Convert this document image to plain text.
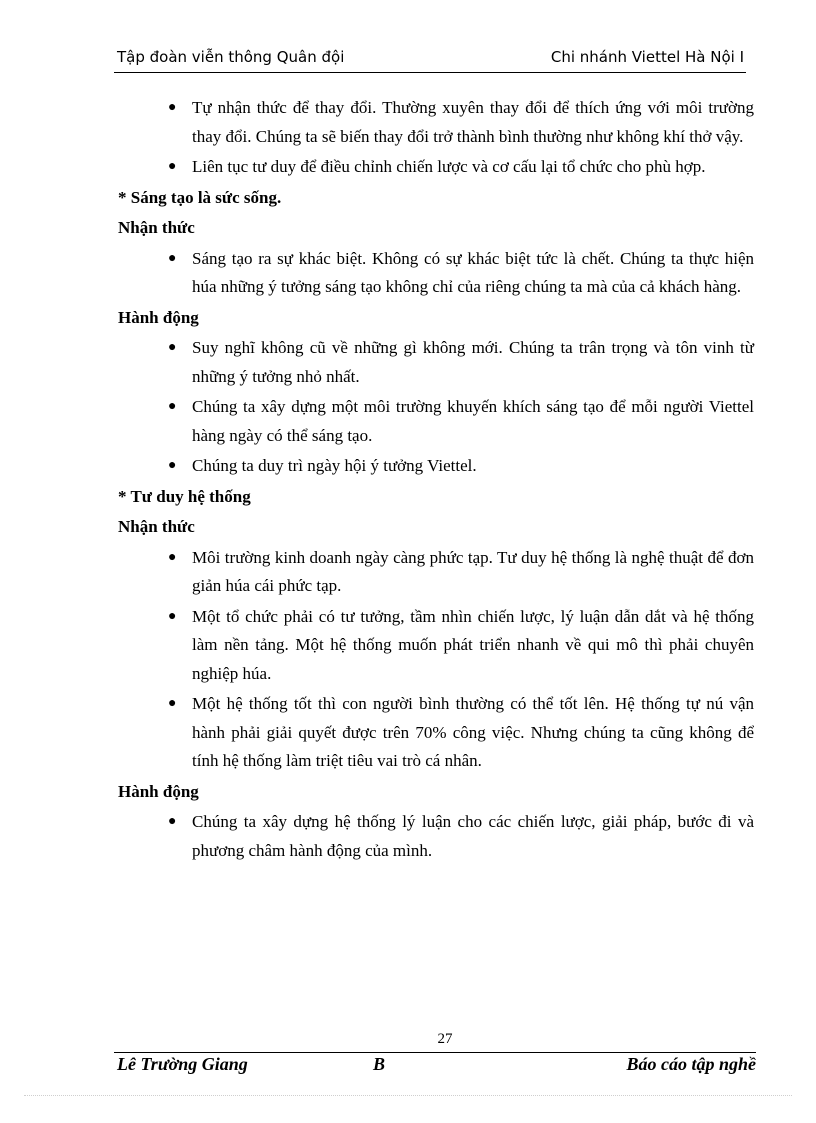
Tập đoàn viễn thông Quân đội	Chi nhánh Viettel Hà Nội I
● Tự nhận thức để thay đổi. Thường xuyên thay đổi để thích ứng với môi trường thay đổi. Chúng ta sẽ biến thay đổi trở thành bình thường như không khí thở vậy.
● Liên tục tư duy để điều chỉnh chiến lược và cơ cấu lại tổ chức cho phù hợp.
* Sáng tạo là sức sống.
Nhận thức
● Sáng tạo ra sự khác biệt. Không có sự khác biệt tức là chết. Chúng ta thực hiện húa những ý tưởng sáng tạo không chỉ của riêng chúng ta mà của cả khách hàng.
Hành động
● Suy nghĩ không cũ về những gì không mới. Chúng ta trân trọng và tôn vinh từ những ý tưởng nhỏ nhất.
● Chúng ta xây dựng một môi trường khuyến khích sáng tạo để mỗi người Viettel hàng ngày có thể sáng tạo.
● Chúng ta duy trì ngày hội ý tưởng Viettel.
* Tư duy hệ thống
Nhận thức
● Môi trường kinh doanh ngày càng phức tạp. Tư duy hệ thống là nghệ thuật để đơn giản húa cái phức tạp.
● Một tổ chức phải có tư tưởng, tầm nhìn chiến lược, lý luận dẫn dắt và hệ thống làm nền tảng. Một hệ thống muốn phát triển nhanh về qui mô thì phải chuyên nghiệp húa.
● Một hệ thống tốt thì con người bình thường có thể tốt lên. Hệ thống tự nú vận hành phải giải quyết được trên 70% công việc. Nhưng chúng ta cũng không để tính hệ thống làm triệt tiêu vai trò cá nhân.
Hành động
● Chúng ta xây dựng hệ thống lý luận cho các chiến lược, giải pháp, bước đi và phương châm hành động của mình.
27
Lê Trường Giang	B	Báo cáo tập nghề
